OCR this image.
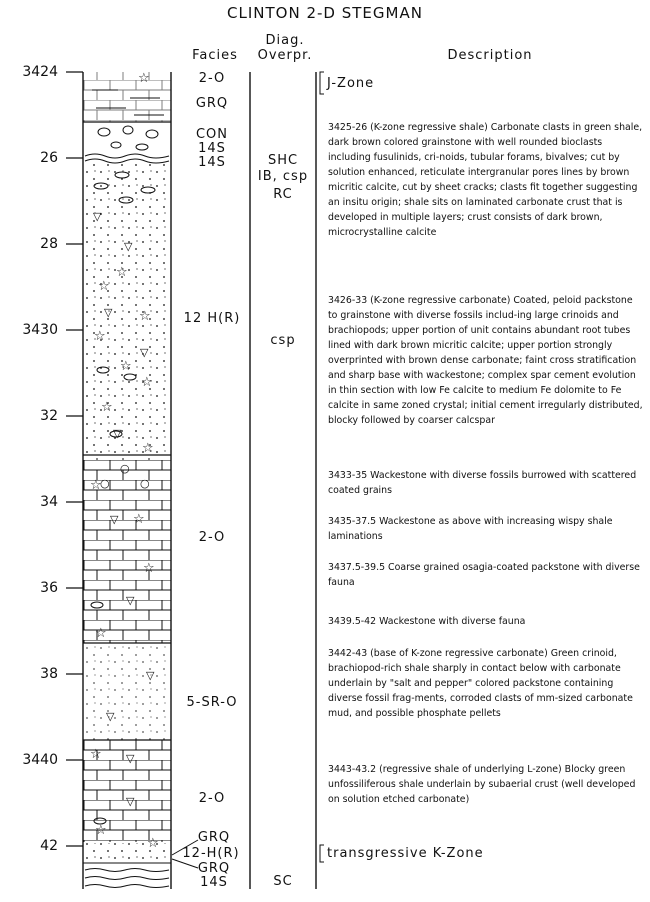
CLINTON 2-D STEGMAN
Facies
Diag.
Overpr.	Description
☆
☆
☆
☆
☆
☆
☆
☆
☆
☆
☆
☆
☆
☆
☆
☆
▽
▽
▽
▽
▽
▽
▽
▽
▽
▽
▽
○	○
○
3424
26
28
3430
32
34
36
38
3440
42
2-O
GRQ
CON
14S
14S
12 H(R)
2-O
5-SR-O
2-O
GRQ
12-H(R)
GRQ
14S
SHC
IB, csp
RC
csp
SC
J-Zone
transgressive K-Zone
3425-26 (K-zone regressive shale) Carbonate clasts in green shale, dark brown colored grainstone with well rounded bioclasts including fusulinids, cri-noids, tubular forams, bivalves; cut by solution enhanced, reticulate intergranular pores lines by brown micritic calcite, cut by sheet cracks; clasts fit together suggesting an insitu origin; shale sits on laminated carbonate crust that is developed in multiple layers; crust consists of dark brown, microcrystalline calcite
3426-33 (K-zone regressive carbonate) Coated, peloid packstone to grainstone with diverse fossils includ-ing large crinoids and brachiopods; upper portion of unit contains abundant root tubes lined with dark brown micritic calcite; upper portion strongly overprinted with brown dense carbonate; faint cross stratification and sharp base with wackestone; complex spar cement evolution in thin section with low Fe calcite to medium Fe dolomite to Fe calcite in same zoned crystal; initial cement irregularly distributed, blocky followed by coarser calcspar
3433-35 Wackestone with diverse fossils burrowed with scattered coated grains
3435-37.5 Wackestone as above with increasing wispy shale laminations
3437.5-39.5 Coarse grained osagia-coated packstone with diverse fauna
3439.5-42 Wackestone with diverse fauna
3442-43 (base of K-zone regressive carbonate) Green crinoid, brachiopod-rich shale sharply in contact below with carbonate underlain by "salt and pepper" colored packstone containing diverse fossil frag-ments, corroded clasts of mm-sized carbonate mud, and possible phosphate pellets
3443-43.2 (regressive shale of underlying L-zone) Blocky green unfossiliferous shale underlain by subaerial crust (well developed on solution etched carbonate)
